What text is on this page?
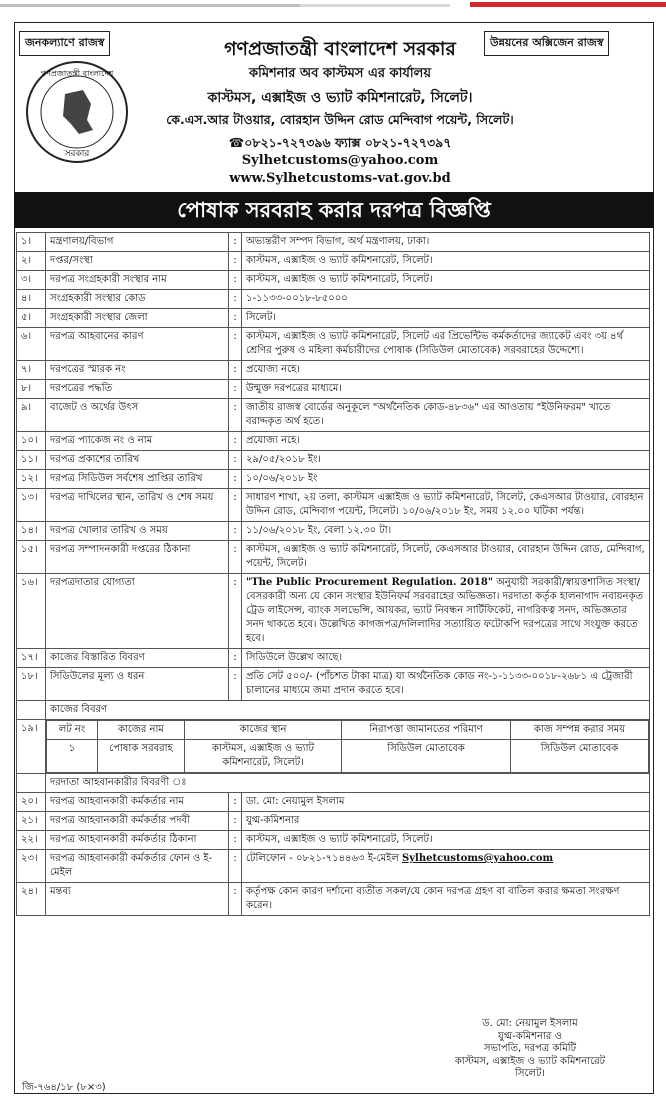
জনকল্যাণে রাজস্ব	উন্নয়নের অক্সিজেন রাজস্ব
গণপ্রজাতন্ত্রী বাংলাদেশ
সরকার
গণপ্রজাতন্ত্রী বাংলাদেশ সরকার
কমিশনার অব কাস্টমস এর কার্যালয়
কাস্টমস, এক্সাইজ ও ভ্যাট কমিশনারেট, সিলেট।
কে.এস.আর টাওয়ার, বোরহান উদ্দিন রোড মেন্দিবাগ পয়েন্ট, সিলেট।
☎০৮২১-৭২৭৩৯৬ ফ্যাক্স ০৮২১-৭২৭৩৯৭
Sylhetcustoms@yahoo.com
www.Sylhetcustoms-vat.gov.bd
পোষাক সরবরাহ করার দরপত্র বিজ্ঞপ্তি
১।	মন্ত্রণালয়/বিভাগ	:	অভ্যন্তরীণ সম্পদ বিভাগ, অর্থ মন্ত্রণালয়, ঢাকা।
২।	দপ্তর/সংস্থা	:	কাস্টমস, এক্সাইজ ও ভ্যাট কমিশনারেট, সিলেট।
৩।	দরপত্র সংগ্রহকারী সংস্থার নাম	:	কাস্টমস, এক্সাইজ ও ভ্যাট কমিশনারেট, সিলেট।
৪।	সংগ্রহকারী সংস্থার কোড	:	১-১১৩৩-০০১৮-৮৫০০০
৫।	সংগ্রহকারী সংস্থার জেলা	:	সিলেট।
৬।	দরপত্র আহবানের কারণ	:	কাস্টমস, এক্সাইজ ও ভ্যাট কমিশনারেট, সিলেট এর প্রিভেন্টিভ কর্মকর্তাদের জ্যাকেট এবং ৩য় ৪র্থ শ্রেণির পুরুষ ও মহিলা কর্মচারীদের পোষাক (সিডিউল মোতাবেক) সরবরাহের উদ্দেশ্যে।
৭।	দরপত্রের স্মারক নং	:	প্রযোজ্য নহে।
৮।	দরপত্রের পদ্ধতি	:	উন্মুক্ত দরপত্রের মাধ্যমে।
৯।	বাজেট ও অর্থের উৎস	:	জাতীয় রাজস্ব বোর্ডের অনুকূলে "অর্থনৈতিক কোড-৪৮৩৬" এর আওতায় "ইউনিফরম" খাতে বরাদ্দকৃত অর্থ হতে।
১০।	দরপত্র প্যাকেজ নং ও নাম	:	প্রযোজ্য নহে।
১১।	দরপত্র প্রকাশের তারিখ	:	২৯/০৫/২০১৮ ইং।
১২।	দরপত্র সিডিউল সর্বশেষ প্রাপ্তির তারিখ	:	১০/০৬/২০১৮ ইং
১৩।	দরপত্র দাখিলের স্থান, তারিখ ও শেষ সময়	:	সাধারণ শাখা, ২য় তলা, কাস্টমস এক্সাইজ ও ভ্যাট কমিশনারেট, সিলেট, কেএসআর টাওয়ার, বোরহান উদ্দিন রোড, মেন্দিবাগ পয়েন্ট, সিলেট। ১০/০৬/২০১৮ ইং, সময় ১২.০০ ঘটিকা পর্যন্ত।
১৪।	দরপত্র খোলার তারিখ ও সময়	:	১১/০৬/২০১৮ ইং, বেলা ১২.৩০ টা।
১৫।	দরপত্র সম্পাদনকারী দপ্তরের ঠিকানা	:	কাস্টমস, এক্সাইজ ও ভ্যাট কমিশনারেট, সিলেট, কেএসআর টাওয়ার, বোরহান উদ্দিন রোড, মেন্দিবাগ, পয়েন্ট, সিলেট।
১৬।	দরপত্রদাতার যোগ্যতা	:	"The Public Procurement Regulation. 2018" অনুযায়ী সরকারী/স্বায়ত্তশাসিত সংস্থা/বেসরকারী অন্য যে কোন সংস্থার ইউনিফর্ম সরবরাহের অভিজ্ঞতা। দরদাতা কর্তৃক হালনাগাদ নবায়নকৃত ট্রেড লাইসেন্স, ব্যাংক সলভেন্সি, আয়কর, ভ্যাট নিবন্ধন সার্টিফিকেট, নাগরিকত্ব সনদ, অভিজ্ঞতার সনদ থাকতে হবে। উল্লেখিত কাগজপত্র/দলিলাদির সত্যায়িত ফটোকপি দরপত্রের সাথে সংযুক্ত করতে হবে।
১৭।	কাজের বিস্তারিত বিবরণ	:	সিডিউলে উল্লেখ আছে।
১৮।	সিডিউলের মূল্য ও ধরন	:	প্রতি সেট ৫০০/- (পাঁচশত টাকা মাত্র) যা অর্থনৈতিক কোড নং-১-১১৩৩-০০১৮-২৬৮১ এ ট্রেজারী চালানের মাধ্যমে জমা প্রদান করতে হবে।
	কাজের বিবরণ
১৯।	লট নং	কাজের নাম	কাজের স্থান	নিরাপত্তা জামানতের পরিমাণ	কাজ সম্পন্ন করার সময়
১	পোষাক সরবরাহ	কাস্টমস, এক্সাইজ ও ভ্যাট কমিশনারেট, সিলেট।	সিডিউল মোতাবেক	সিডিউল মোতাবেক

	দরদাতা আহবানকারীর বিবরণী ঃ
২০।	দরপত্র আহবানকারী কর্মকর্তার নাম	:	ডা. মো: নেয়ামুল ইসলাম
২১।	দরপত্র আহবানকারী কর্মকর্তার পদবী	:	যুগ্ম-কমিশনার
২২।	দরপত্র আহবানকারী কর্মকর্তার ঠিকানা	:	কাস্টমস, এক্সাইজ ও ভ্যাট কমিশনারেট, সিলেট।
২৩।	দরপত্র আহবানকারী কর্মকর্তার ফোন ও ই-মেইল	:	টেলিফোন - ০৮২১-৭১৪৪৬৩ ই-মেইল Sylhetcustoms@yahoo.com
২৪।	মন্তব্য	:	কর্তৃপক্ষ কোন কারণ দর্শানো ব্যতীত সকল/যে কোন দরপত্র গ্রহণ বা বাতিল করার ক্ষমতা সংরক্ষণ করেন।
ড. মো: নেয়ামুল ইসলাম
যুগ্ম-কমিশনার ও
সভাপতি, দরপত্র কমিটি
কাস্টমস, এক্সাইজ ও ভ্যাট কমিশনারেট
সিলেট।
জি-৭৬৪/১৮ (৮×৩)
